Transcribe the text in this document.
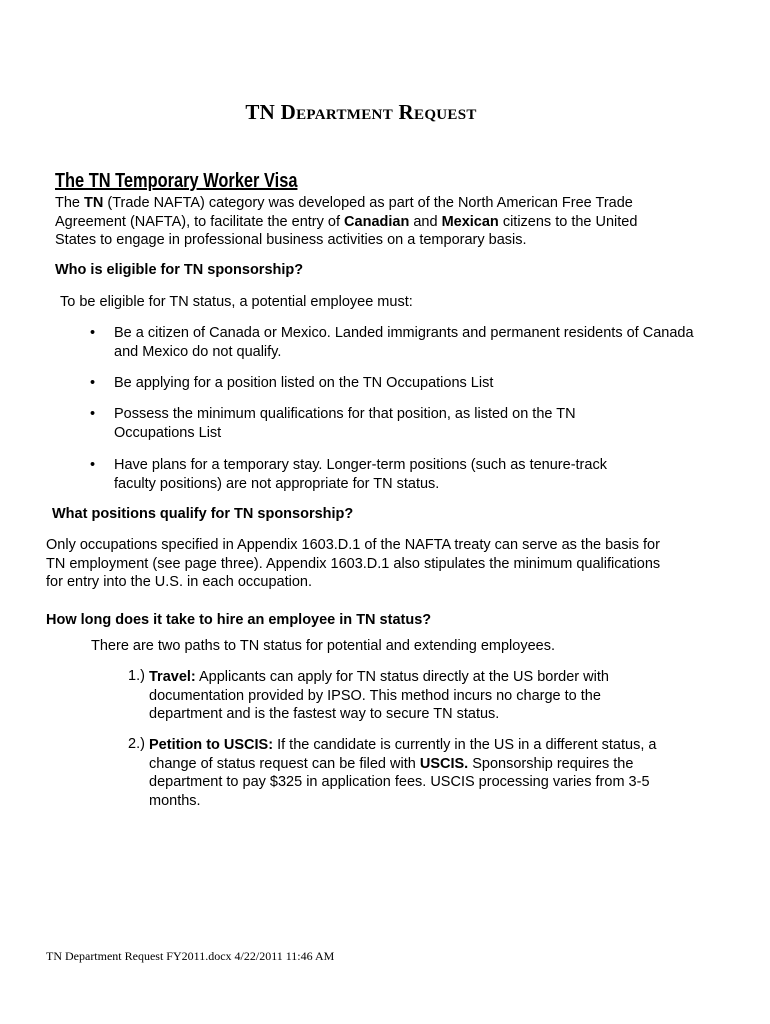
TN Department Request
The TN Temporary Worker Visa
The TN (Trade NAFTA) category was developed as part of the North American Free Trade Agreement (NAFTA), to facilitate the entry of Canadian and Mexican citizens to the United States to engage in professional business activities on a temporary basis.
Who is eligible for TN sponsorship?
To be eligible for TN status, a potential employee must:
• Be a citizen of Canada or Mexico. Landed immigrants and permanent residents of Canada and Mexico do not qualify.
• Be applying for a position listed on the TN Occupations List
• Possess the minimum qualifications for that position, as listed on the TN Occupations List
• Have plans for a temporary stay. Longer-term positions (such as tenure-track faculty positions) are not appropriate for TN status.
What positions qualify for TN sponsorship?
Only occupations specified in Appendix 1603.D.1 of the NAFTA treaty can serve as the basis for TN employment (see page three). Appendix 1603.D.1 also stipulates the minimum qualifications for entry into the U.S. in each occupation.
How long does it take to hire an employee in TN status?
There are two paths to TN status for potential and extending employees.
1.) Travel: Applicants can apply for TN status directly at the US border with documentation provided by IPSO. This method incurs no charge to the department and is the fastest way to secure TN status.
2.) Petition to USCIS: If the candidate is currently in the US in a different status, a change of status request can be filed with USCIS. Sponsorship requires the department to pay $325 in application fees. USCIS processing varies from 3-5 months.
TN Department Request FY2011.docx 4/22/2011 11:46 AM
